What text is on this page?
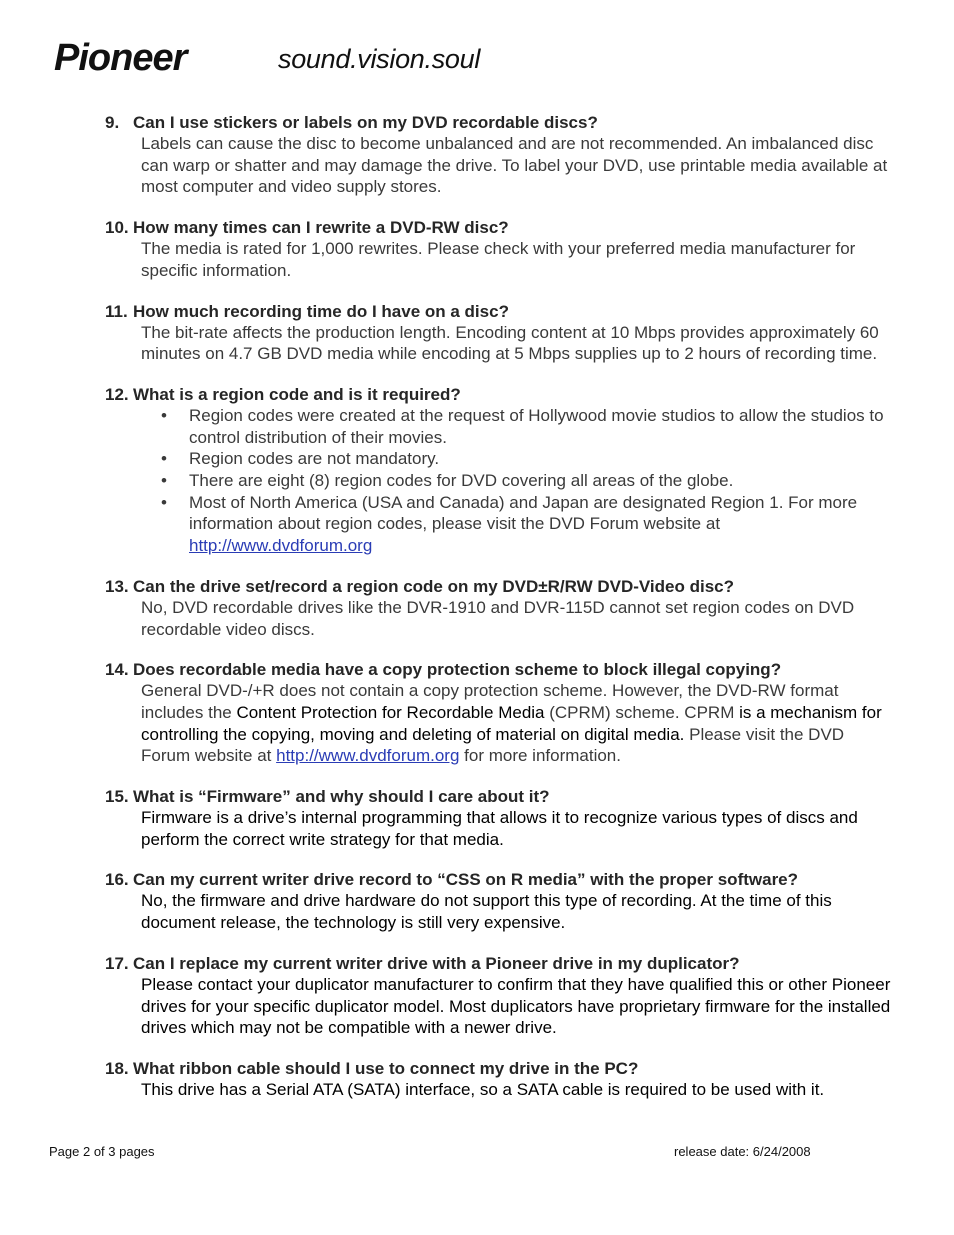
Pioneer	sound.vision.soul
9. Can I use stickers or labels on my DVD recordable discs?
Labels can cause the disc to become unbalanced and are not recommended. An imbalanced disc can warp or shatter and may damage the drive. To label your DVD, use printable media available at most computer and video supply stores.
10. How many times can I rewrite a DVD-RW disc?
The media is rated for 1,000 rewrites. Please check with your preferred media manufacturer for specific information.
11. How much recording time do I have on a disc?
The bit-rate affects the production length. Encoding content at 10 Mbps provides approximately 60 minutes on 4.7 GB DVD media while encoding at 5 Mbps supplies up to 2 hours of recording time.
12. What is a region code and is it required?
• Region codes were created at the request of Hollywood movie studios to allow the studios to control distribution of their movies.
• Region codes are not mandatory.
• There are eight (8) region codes for DVD covering all areas of the globe.
• Most of North America (USA and Canada) and Japan are designated Region 1. For more information about region codes, please visit the DVD Forum website at
http://www.dvdforum.org
13. Can the drive set/record a region code on my DVD±R/RW DVD-Video disc?
No, DVD recordable drives like the DVR-1910 and DVR-115D cannot set region codes on DVD recordable video discs.
14. Does recordable media have a copy protection scheme to block illegal copying?
General DVD-/+R does not contain a copy protection scheme. However, the DVD-RW format includes the Content Protection for Recordable Media (CPRM) scheme. CPRM is a mechanism for controlling the copying, moving and deleting of material on digital media. Please visit the DVD Forum website at http://www.dvdforum.org for more information.
15. What is “Firmware” and why should I care about it?
Firmware is a drive’s internal programming that allows it to recognize various types of discs and perform the correct write strategy for that media.
16. Can my current writer drive record to “CSS on R media” with the proper software?
No, the firmware and drive hardware do not support this type of recording. At the time of this document release, the technology is still very expensive.
17. Can I replace my current writer drive with a Pioneer drive in my duplicator?
Please contact your duplicator manufacturer to confirm that they have qualified this or other Pioneer drives for your specific duplicator model. Most duplicators have proprietary firmware for the installed drives which may not be compatible with a newer drive.
18. What ribbon cable should I use to connect my drive in the PC?
This drive has a Serial ATA (SATA) interface, so a SATA cable is required to be used with it.
Page 2 of 3 pages	release date: 6/24/2008
